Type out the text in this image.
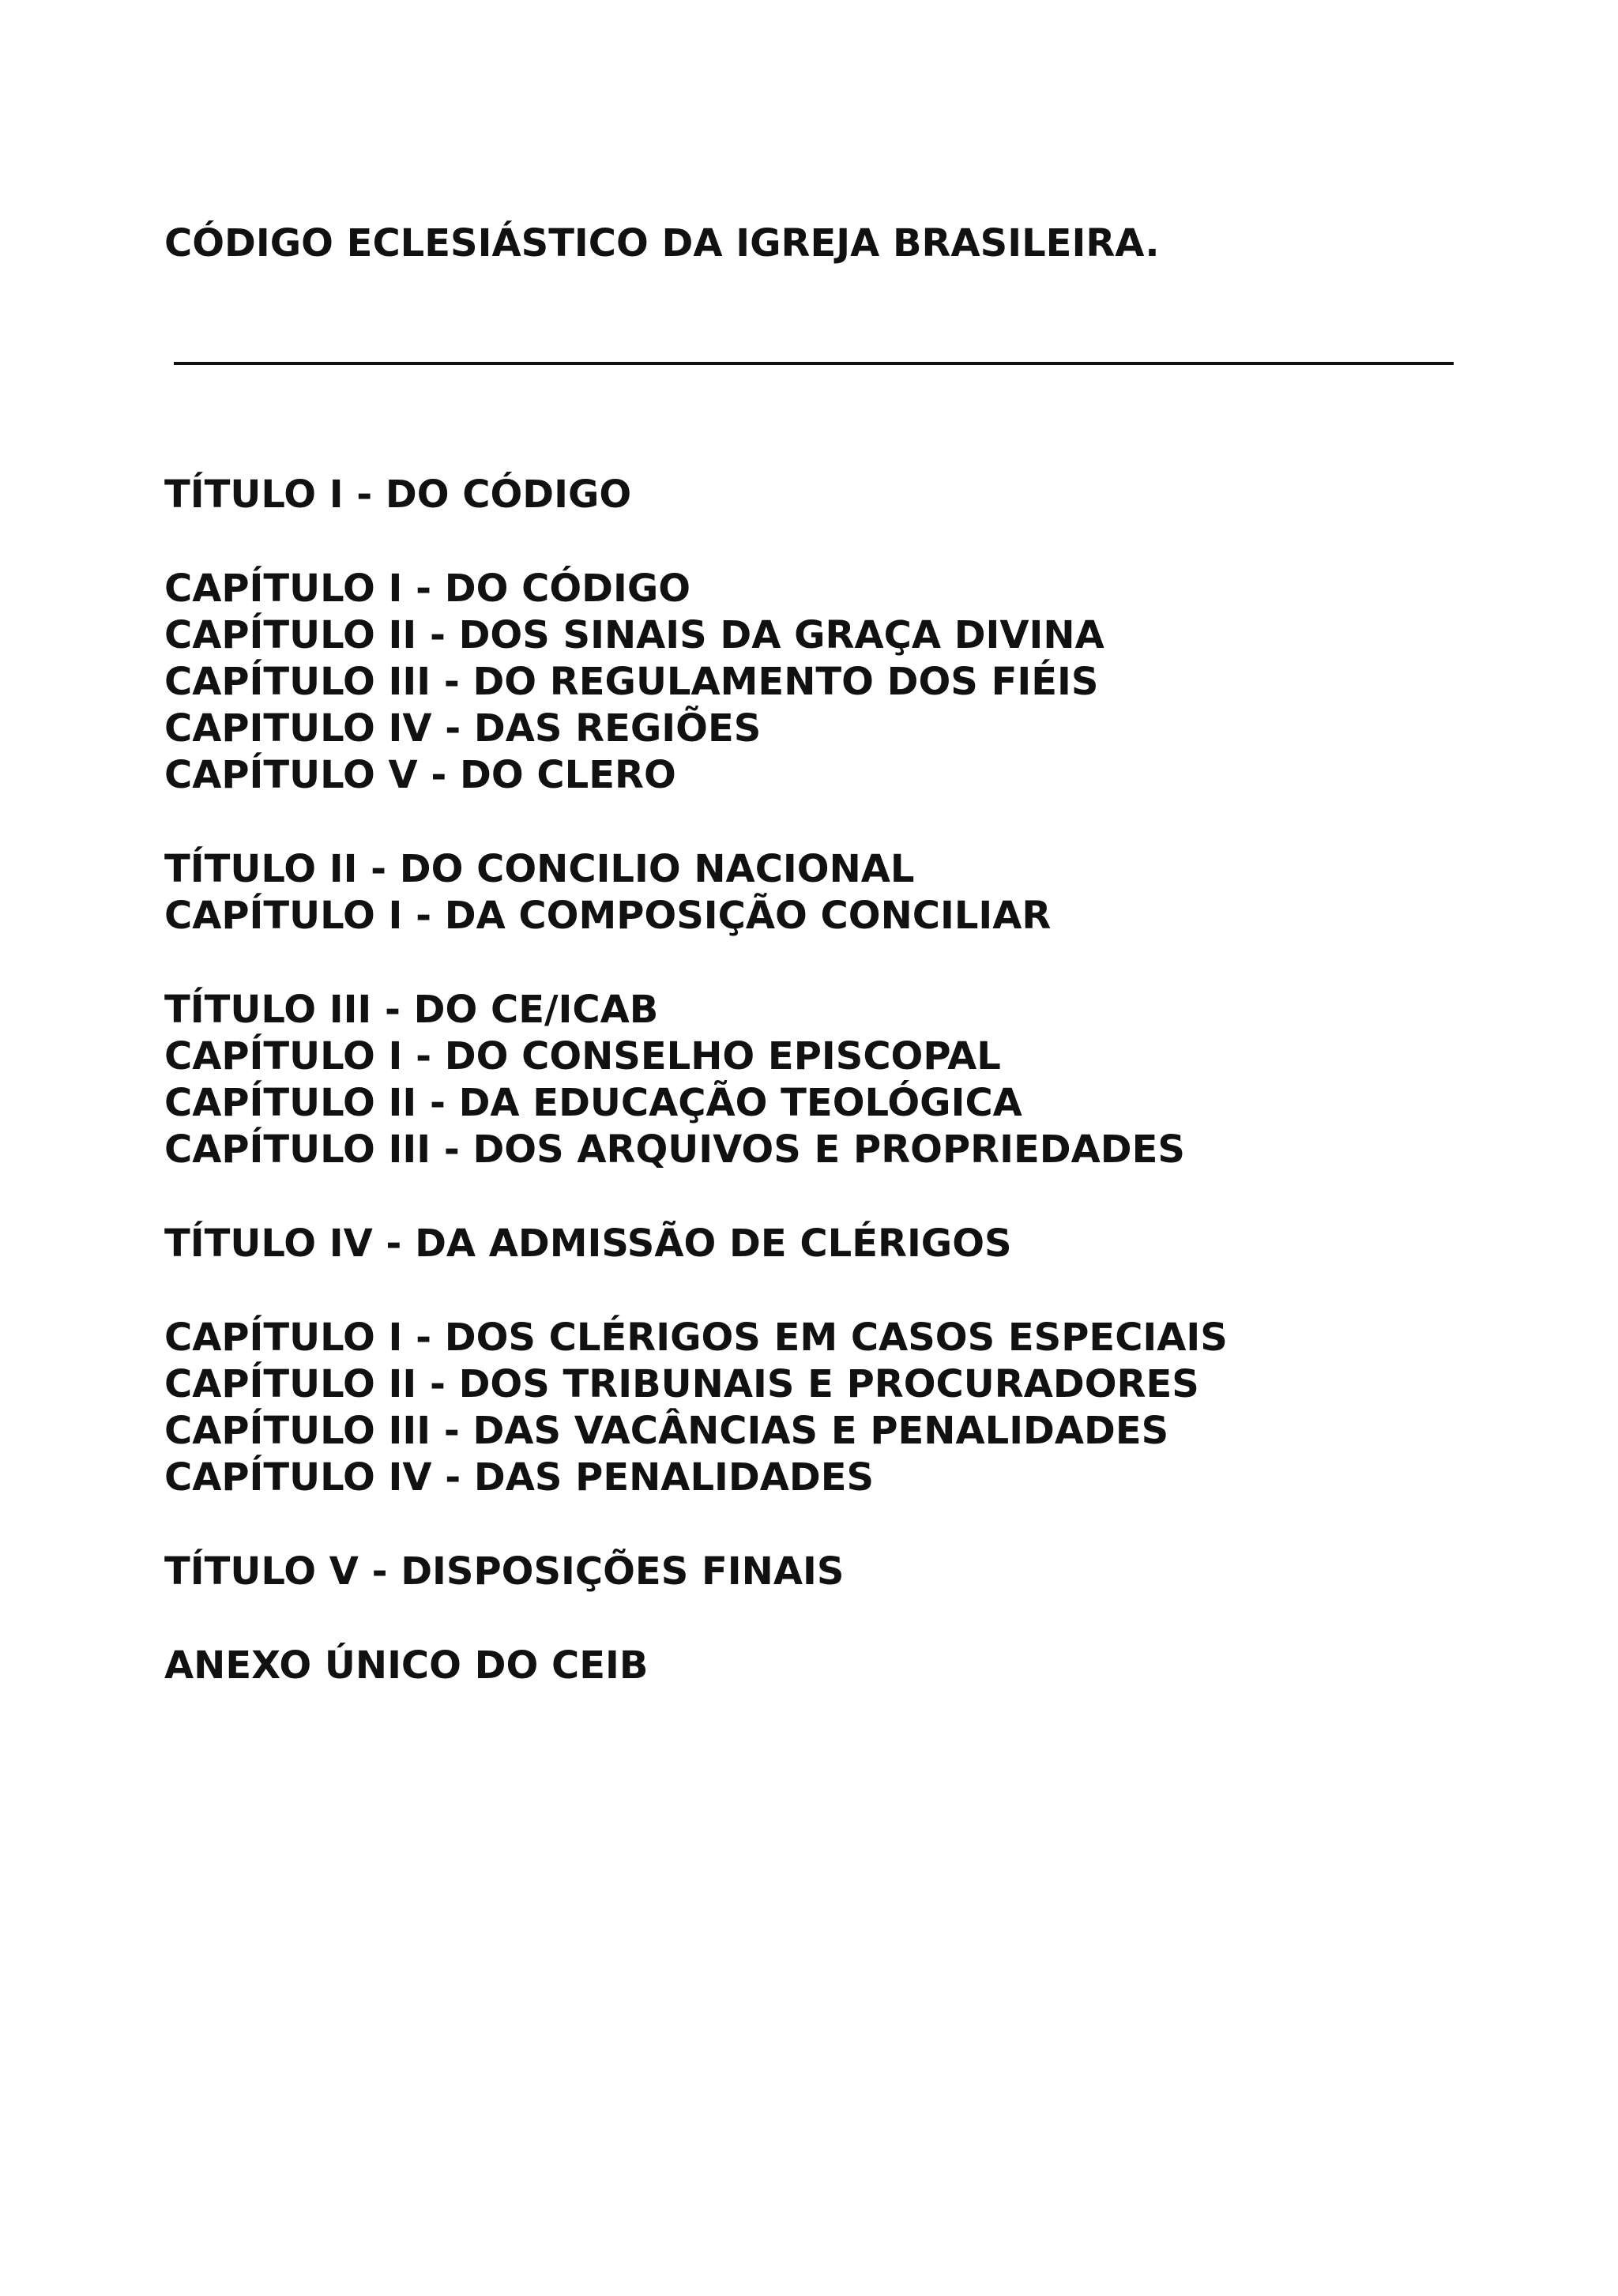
CÓDIGO ECLESIÁSTICO DA IGREJA BRASILEIRA.
TÍTULO I - DO CÓDIGO
CAPÍTULO I - DO CÓDIGO
CAPÍTULO II - DOS SINAIS DA GRAÇA DIVINA
CAPÍTULO III - DO REGULAMENTO DOS FIÉIS
CAPITULO IV - DAS REGIÕES
CAPÍTULO V - DO CLERO
TÍTULO II - DO CONCILIO NACIONAL
CAPÍTULO I - DA COMPOSIÇÃO CONCILIAR
TÍTULO III - DO CE/ICAB
CAPÍTULO I - DO CONSELHO EPISCOPAL
CAPÍTULO II - DA EDUCAÇÃO TEOLÓGICA
CAPÍTULO III - DOS ARQUIVOS E PROPRIEDADES
TÍTULO IV - DA ADMISSÃO DE CLÉRIGOS
CAPÍTULO I - DOS CLÉRIGOS EM CASOS ESPECIAIS
CAPÍTULO II - DOS TRIBUNAIS E PROCURADORES
CAPÍTULO III - DAS VACÂNCIAS E PENALIDADES
CAPÍTULO IV - DAS PENALIDADES
TÍTULO V - DISPOSIÇÕES FINAIS
ANEXO ÚNICO DO CEIB
